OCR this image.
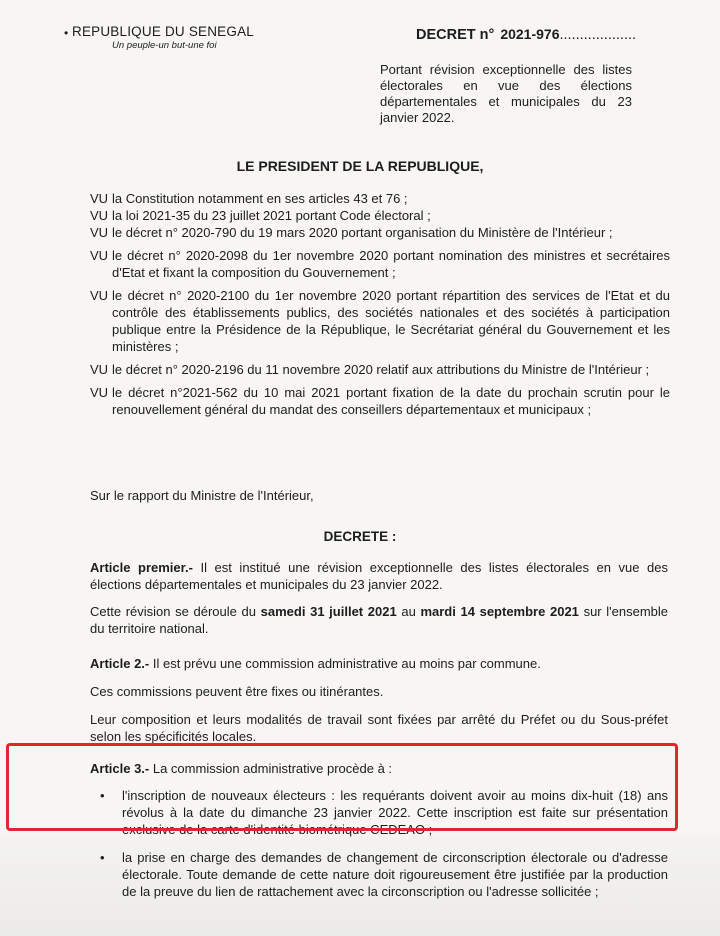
• REPUBLIQUE DU SENEGAL
Un peuple-un but-une foi
DECRET n° 2021-976...................
Portant révision exceptionnelle des listes électorales en vue des élections départementales et municipales du 23 janvier 2022.
LE PRESIDENT DE LA REPUBLIQUE,
VU la Constitution notamment en ses articles 43 et 76 ;
VU la loi 2021-35 du 23 juillet 2021 portant Code électoral ;
VU le décret n° 2020-790 du 19 mars 2020 portant organisation du Ministère de l'Intérieur ;
VU le décret n° 2020-2098 du 1er novembre 2020 portant nomination des ministres et secrétaires d'Etat et fixant la composition du Gouvernement ;
VU le décret n° 2020-2100 du 1er novembre 2020 portant répartition des services de l'Etat et du contrôle des établissements publics, des sociétés nationales et des sociétés à participation publique entre la Présidence de la République, le Secrétariat général du Gouvernement et les ministères ;
VU le décret n° 2020-2196 du 11 novembre 2020 relatif aux attributions du Ministre de l'Intérieur ;
VU le décret n°2021-562 du 10 mai 2021 portant fixation de la date du prochain scrutin pour le renouvellement général du mandat des conseillers départementaux et municipaux ;
Sur le rapport du Ministre de l'Intérieur,
DECRETE :
Article premier.- Il est institué une révision exceptionnelle des listes électorales en vue des élections départementales et municipales du 23 janvier 2022.
Cette révision se déroule du samedi 31 juillet 2021 au mardi 14 septembre 2021 sur l'ensemble du territoire national.
Article 2.- Il est prévu une commission administrative au moins par commune.
Ces commissions peuvent être fixes ou itinérantes.
Leur composition et leurs modalités de travail sont fixées par arrêté du Préfet ou du Sous-préfet selon les spécificités locales.
Article 3.- La commission administrative procède à :
•	l'inscription de nouveaux électeurs : les requérants doivent avoir au moins dix-huit (18) ans révolus à la date du dimanche 23 janvier 2022. Cette inscription est faite sur présentation exclusive de la carte d'identité biométrique CEDEAO ;
•	la prise en charge des demandes de changement de circonscription électorale ou d'adresse électorale. Toute demande de cette nature doit rigoureusement être justifiée par la production de la preuve du lien de rattachement avec la circonscription ou l'adresse sollicitée ;
